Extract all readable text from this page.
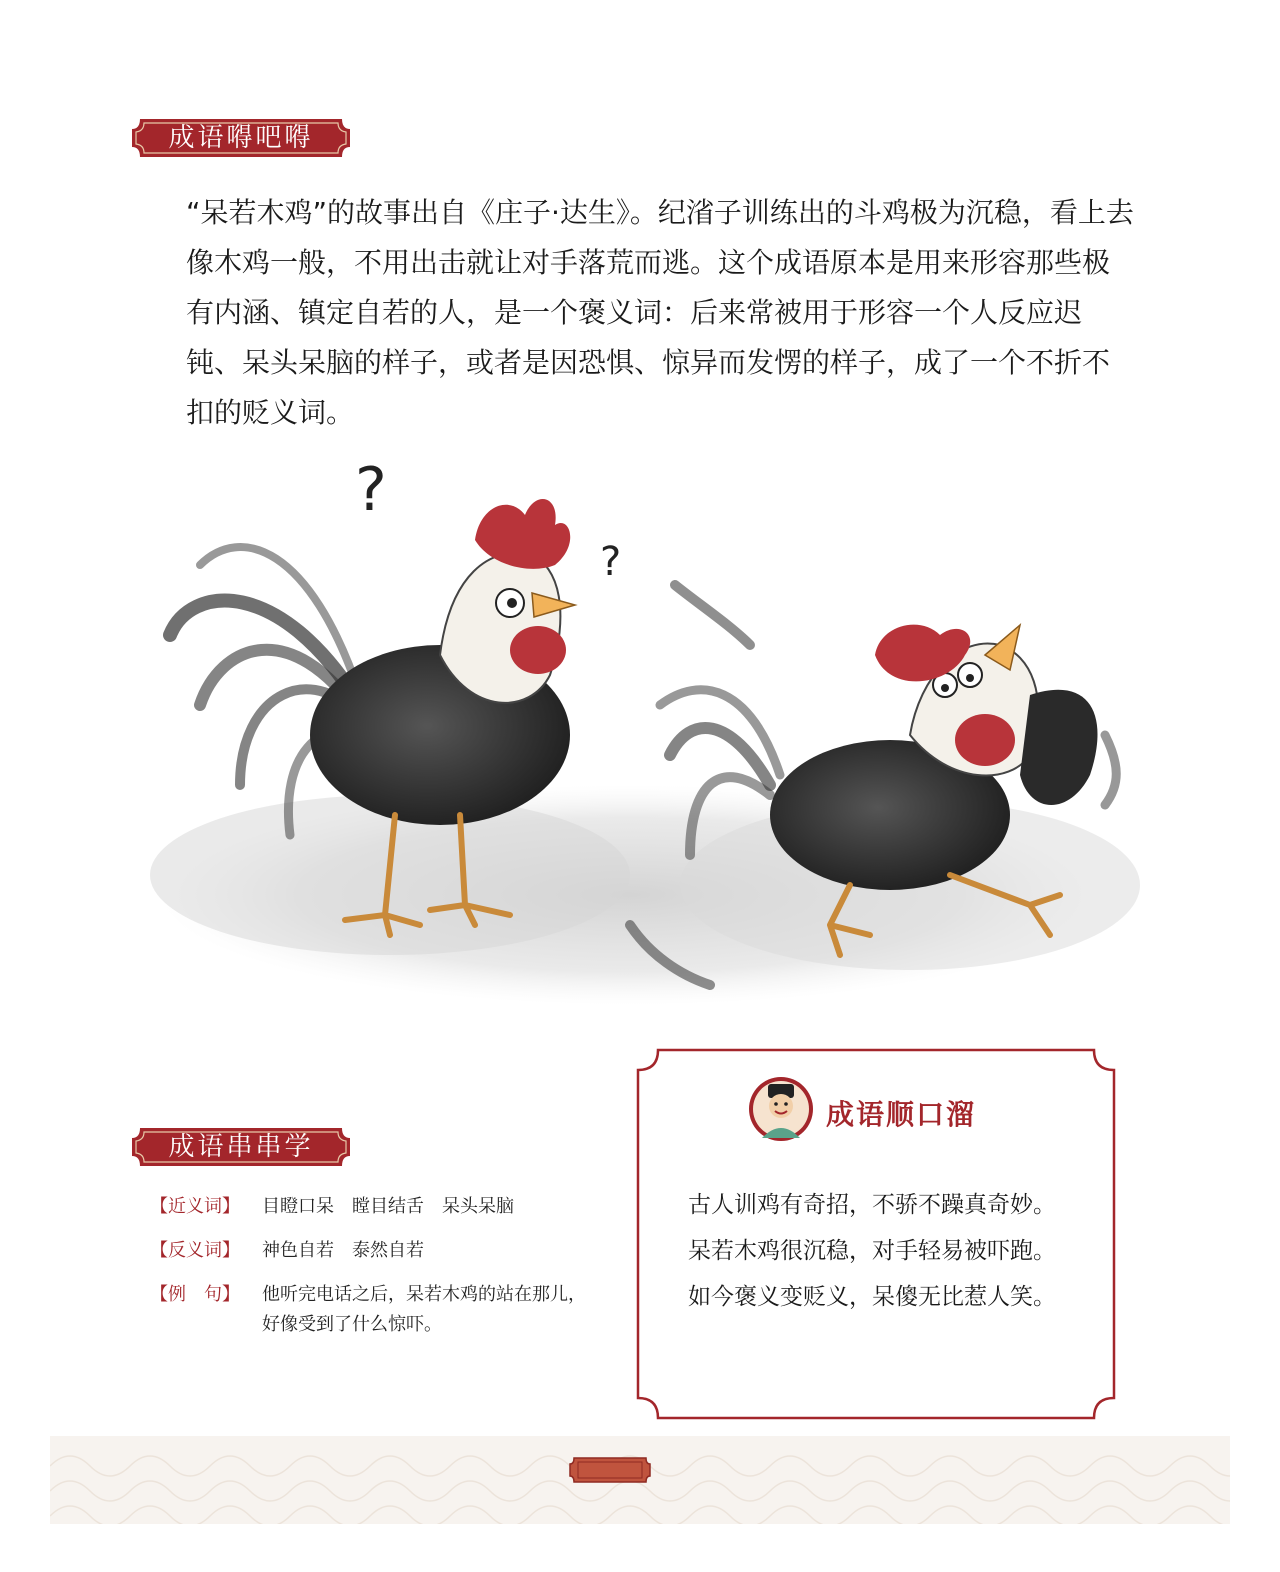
成语嘚吧嘚
“呆若木鸡”的故事出自《庄子·达生》。纪渻子训练出的斗鸡极为沉稳，看上去像木鸡一般，不用出击就让对手落荒而逃。这个成语原本是用来形容那些极有内涵、镇定自若的人，是一个褒义词：后来常被用于形容一个人反应迟钝、呆头呆脑的样子，或者是因恐惧、惊异而发愣的样子，成了一个不折不扣的贬义词。
?
?
成语串串学
【近义词】	目瞪口呆　瞠目结舌　呆头呆脑
【反义词】	神色自若　泰然自若
【例　句】	他听完电话之后，呆若木鸡的站在那儿，好像受到了什么惊吓。
成语顺口溜
古人训鸡有奇招，不骄不躁真奇妙。
呆若木鸡很沉稳，对手轻易被吓跑。
如今褒义变贬义，呆傻无比惹人笑。
